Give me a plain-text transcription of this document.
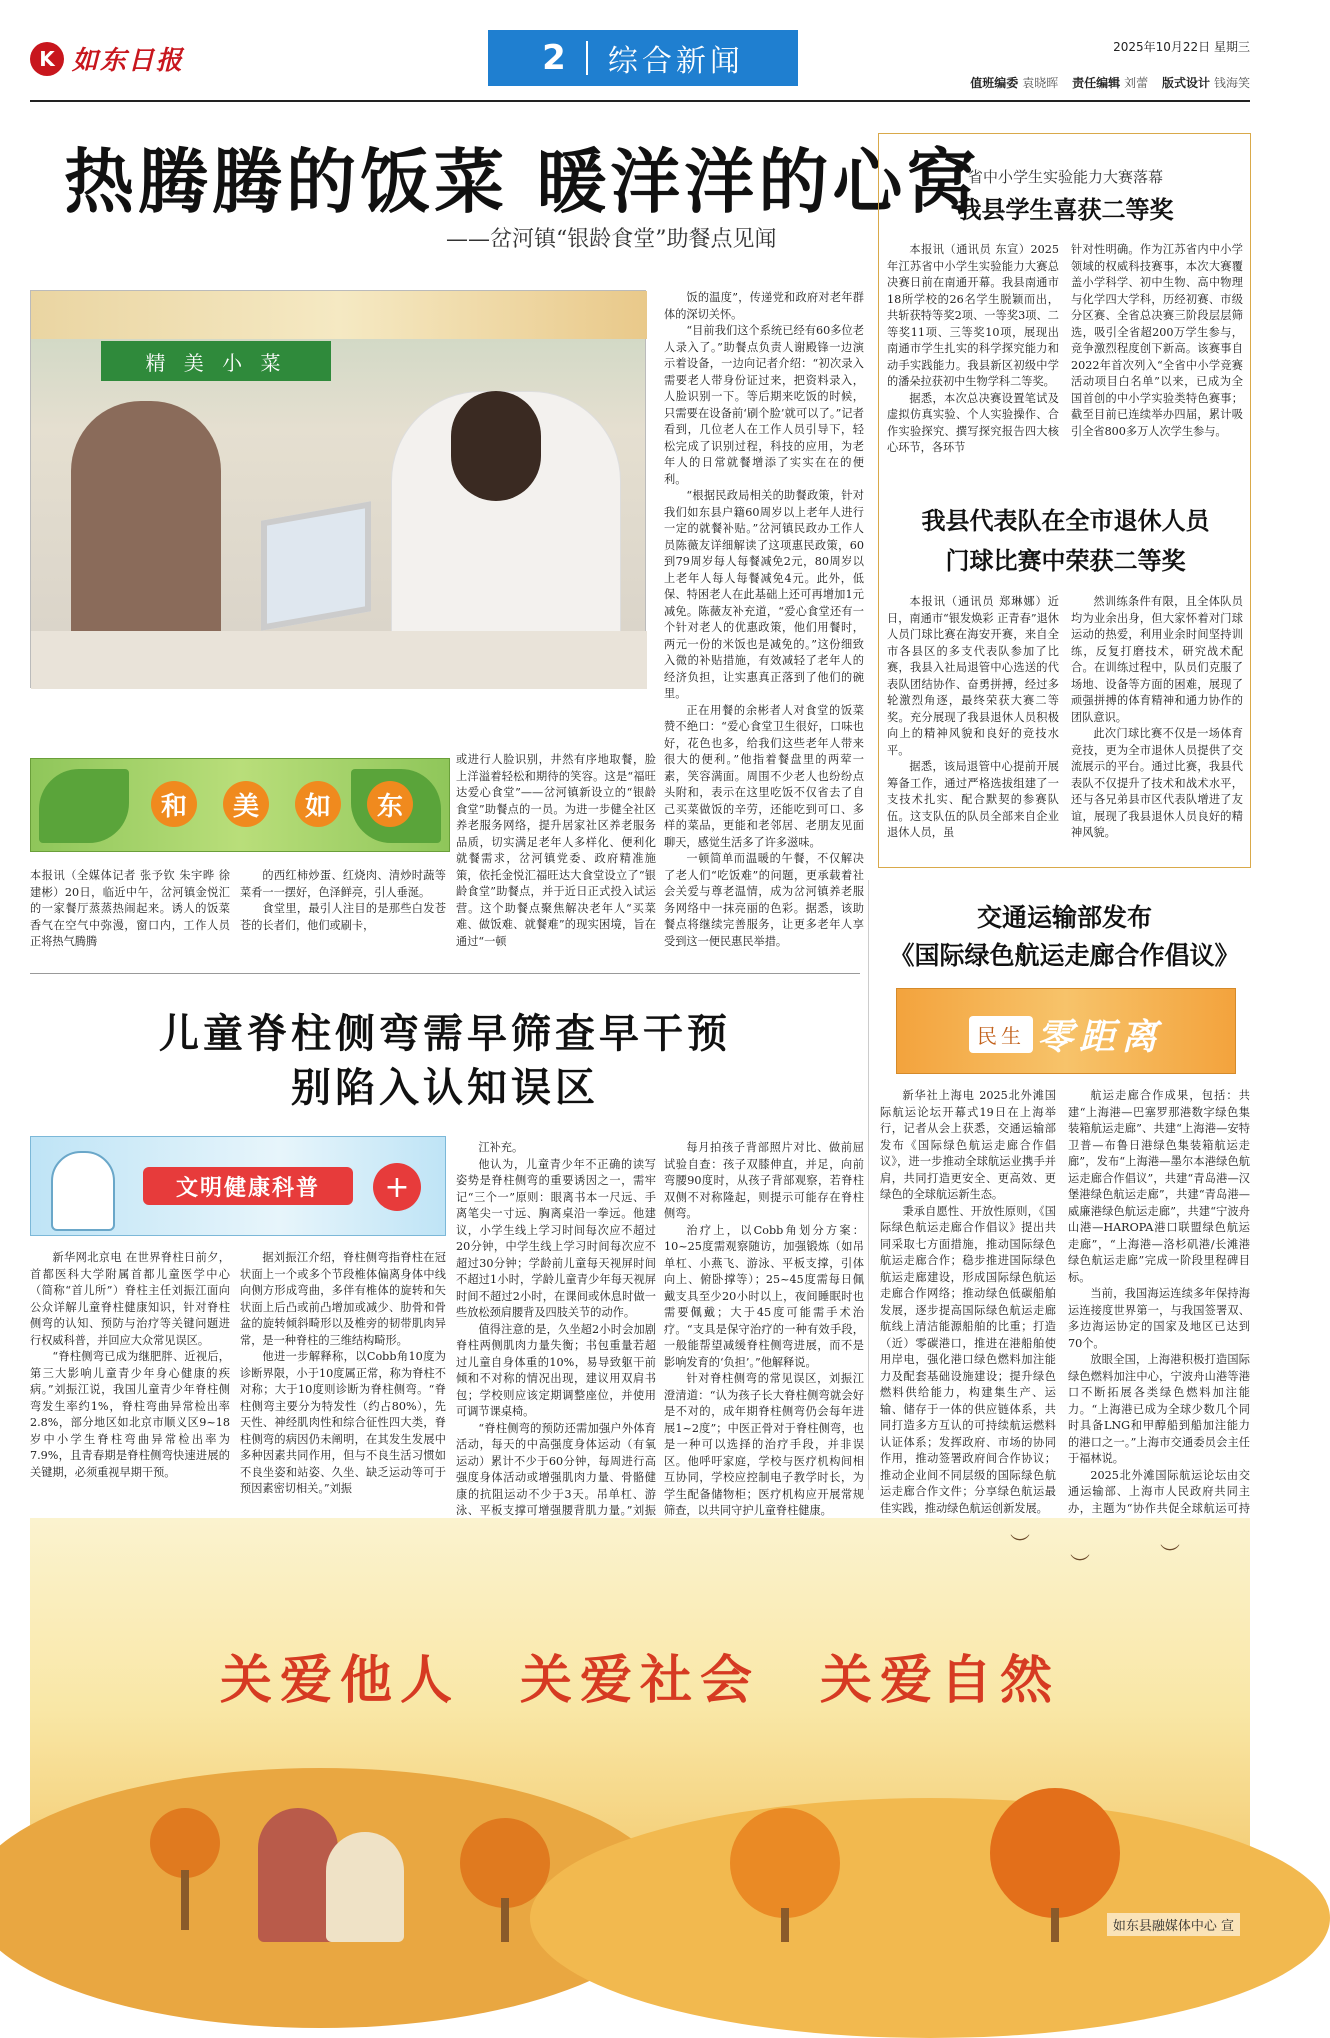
K 如东日报	2 综合新闻	2025年10月22日 星期三
值班编委 袁晓晖 责任编辑 刘蕾 版式设计 钱海笑
热腾腾的饭菜 暖洋洋的心窝
——岔河镇“银龄食堂”助餐点见闻
精 美 小 菜

饭的温度”，传递党和政府对老年群体的深切关怀。

“目前我们这个系统已经有60多位老人录入了。”助餐点负责人谢殿锋一边演示着设备，一边向记者介绍：“初次录入需要老人带身份证过来，把资料录入，人脸识别一下。等后期来吃饭的时候，只需要在设备前‘刷个脸’就可以了。”记者看到，几位老人在工作人员引导下，轻松完成了识别过程，科技的应用，为老年人的日常就餐增添了实实在在的便利。

“根据民政局相关的助餐政策，针对我们如东县户籍60周岁以上老年人进行一定的就餐补贴。”岔河镇民政办工作人员陈薇友详细解读了这项惠民政策，60到79周岁每人每餐减免2元，80周岁以上老年人每人每餐减免4元。此外，低保、特困老人在此基础上还可再增加1元减免。陈薇友补充道，“爱心食堂还有一个针对老人的优惠政策，他们用餐时，两元一份的米饭也是减免的。”这份细致入微的补贴措施，有效减轻了老年人的经济负担，让实惠真正落到了他们的碗里。

正在用餐的余彬者人对食堂的饭菜赞不绝口：“爱心食堂卫生很好，口味也好，花色也多，给我们这些老年人带来很大的便利。”他指着餐盘里的两荤一素，笑容满面。周围不少老人也纷纷点头附和，表示在这里吃饭不仅省去了自己买菜做饭的辛劳，还能吃到可口、多样的菜品，更能和老邻居、老朋友见面聊天，感觉生活多了许多滋味。

一顿简单而温暖的午餐，不仅解决了老人们“吃饭难”的问题，更承载着社会关爱与尊老温情，成为岔河镇养老服务网络中一抹亮丽的色彩。据悉，该助餐点将继续完善服务，让更多老年人享受到这一便民惠民举措。

和	美	如	东
本报讯（全媒体记者 张予钦 朱宇晔 徐建彬）20日，临近中午，岔河镇金悦汇的一家餐厅蒸蒸热闹起来。诱人的饭菜香气在空气中弥漫，窗口内，工作人员正将热气腾腾

的西红柿炒蛋、红烧肉、清炒时蔬等菜肴一一摆好，色泽鲜亮，引人垂涎。

食堂里，最引人注目的是那些白发苍苍的长者们，他们或刷卡，

或进行人脸识别，井然有序地取餐，脸上洋溢着轻松和期待的笑容。这是“福旺达爱心食堂”——岔河镇新设立的“银龄食堂”助餐点的一员。为进一步健全社区养老服务网络，提升居家社区养老服务品质，切实满足老年人多样化、便利化就餐需求，岔河镇党委、政府精准施策，依托金悦汇福旺达大食堂设立了“银龄食堂”助餐点，并于近日正式投入试运营。这个助餐点聚焦解决老年人“买菜难、做饭难、就餐难”的现实困境，旨在通过“一顿
省中小学生实验能力大赛落幕
我县学生喜获二等奖

本报讯（通讯员 东宣）2025年江苏省中小学生实验能力大赛总决赛日前在南通开幕。我县南通市18所学校的26名学生脱颖而出，共斩获特等奖2项、一等奖3项、二等奖11项、三等奖10项，展现出南通市学生扎实的科学探究能力和动手实践能力。我县新区初级中学的潘朵拉获初中生物学科二等奖。

据悉，本次总决赛设置笔试及虚拟仿真实验、个人实验操作、合作实验探究、撰写探究报告四大核心环节，各环节

针对性明确。作为江苏省内中小学领域的权威科技赛事，本次大赛覆盖小学科学、初中生物、高中物理与化学四大学科，历经初赛、市级分区赛、全省总决赛三阶段层层筛选，吸引全省超200万学生参与，竞争激烈程度创下新高。该赛事自2022年首次列入“全省中小学竞赛活动项目白名单”以来，已成为全国首创的中小学实验类特色赛事；截至目前已连续举办四届，累计吸引全省800多万人次学生参与。
我县代表队在全市退休人员
门球比赛中荣获二等奖

本报讯（通讯员 郑琳娜）近日，南通市“银发焕彩 正青春”退休人员门球比赛在海安开赛，来自全市各县区的多支代表队参加了比赛，我县入社局退管中心选送的代表队团结协作、奋勇拼搏，经过多轮激烈角逐，最终荣获大赛二等奖。充分展现了我县退休人员积极向上的精神风貌和良好的竞技水平。

据悉，该局退管中心提前开展筹备工作，通过严格选拔组建了一支技术扎实、配合默契的参赛队伍。这支队伍的队员全部来自企业退休人员，虽

然训练条件有限，且全体队员均为业余出身，但大家怀着对门球运动的热爱，利用业余时间坚持训练，反复打磨技术，研究战术配合。在训练过程中，队员们克服了场地、设备等方面的困难，展现了顽强拼搏的体育精神和通力协作的团队意识。

此次门球比赛不仅是一场体育竞技，更为全市退休人员提供了交流展示的平台。通过比赛，我县代表队不仅提升了技术和战术水平，还与各兄弟县市区代表队增进了友谊，展现了我县退休人员良好的精神风貌。

儿童脊柱侧弯需早筛查早干预
别陷入认知误区
文明健康科普	+

新华网北京电 在世界脊柱日前夕，首都医科大学附属首都儿童医学中心（简称“首儿所”）脊柱主任刘振江面向公众详解儿童脊柱健康知识，针对脊柱侧弯的认知、预防与治疗等关键问题进行权威科普，并回应大众常见误区。

“脊柱侧弯已成为继肥胖、近视后，第三大影响儿童青少年身心健康的疾病。”刘振江说，我国儿童青少年脊柱侧弯发生率约1%，脊柱弯曲异常检出率2.8%，部分地区如北京市顺义区9~18岁中小学生脊柱弯曲异常检出率为7.9%，且青春期是脊柱侧弯快速进展的关键期，必须重视早期干预。

据刘振江介绍，脊柱侧弯指脊柱在冠状面上一个或多个节段椎体偏离身体中线向侧方形成弯曲，多伴有椎体的旋转和矢状面上后凸或前凸增加或减少、肋骨和骨盆的旋转倾斜畸形以及椎旁的韧带肌肉异常，是一种脊柱的三维结构畸形。

他进一步解释称，以Cobb角10度为诊断界限，小于10度属正常，称为脊柱不对称；大于10度则诊断为脊柱侧弯。“脊柱侧弯主要分为特发性（约占80%），先天性、神经肌肉性和综合征性四大类，脊柱侧弯的病因仍未阐明，在其发生发展中多种因素共同作用，但与不良生活习惯如不良坐姿和站姿、久坐、缺乏运动等可于预因素密切相关。”刘振

江补充。

他认为，儿童青少年不正确的读写姿势是脊柱侧弯的重要诱因之一，需牢记“三个一”原则：眼离书本一尺远、手离笔尖一寸远、胸离桌沿一拳远。他建议，小学生线上学习时间每次应不超过20分钟，中学生线上学习时间每次应不超过30分钟；学龄前儿童每天视屏时间不超过1小时，学龄儿童青少年每天视屏时间不超过2小时，在课间或休息时做一些放松颈肩腰背及四肢关节的动作。

值得注意的是，久坐超2小时会加剧脊柱两侧肌肉力量失衡；书包重量若超过儿童自身体重的10%，易导致躯干前倾和不对称的情况出现，建议用双肩书包；学校则应该定期调整座位，并使用可调节课桌椅。

“脊柱侧弯的预防还需加强户外体育活动，每天的中高强度身体运动（有氧运动）累计不少于60分钟，每周进行高强度身体活动或增强肌肉力量、骨骼健康的抗阻运动不少于3天。吊单杠、游泳、平板支撑可增强腰背肌力量。”刘振

每月拍孩子背部照片对比、做前屈试验自查：孩子双膝伸直，并足，向前弯腰90度时，从孩子背部观察，若脊柱双侧不对称隆起，则提示可能存在脊柱侧弯。

治疗上，以Cobb角划分方案：10~25度需观察随访，加强锻炼（如吊单杠、小燕飞、游泳、平板支撑，引体向上、俯卧撑等）；25~45度需每日佩戴支具至少20小时以上，夜间睡眠时也需要佩戴；大于45度可能需手术治疗。“支具是保守治疗的一种有效手段，一般能帮望减缓脊柱侧弯进展，而不是影响发育的‘负担’。”他解释说。

针对脊柱侧弯的常见误区，刘振江澄清道：“认为孩子长大脊柱侧弯就会好是不对的，成年期脊柱侧弯仍会每年进展1~2度”；中医正骨对于脊柱侧弯，也是一种可以选择的治疗手段，并非误区。他呼吁家庭，学校与医疗机构间相互协同，学校应控制电子教学时长，为学生配备储物柜；医疗机构应开展常规筛查，以共同守护儿童脊柱健康。

交通运输部发布
《国际绿色航运走廊合作倡议》
民生 零距离

新华社上海电 2025北外滩国际航运论坛开幕式19日在上海举行，记者从会上获悉，交通运输部发布《国际绿色航运走廊合作倡议》，进一步推动全球航运业携手并肩，共同打造更安全、更高效、更绿色的全球航运新生态。

秉承自愿性、开放性原则，《国际绿色航运走廊合作倡议》提出共同采取七方面措施，推动国际绿色航运走廊合作；稳步推进国际绿色航运走廊建设，形成国际绿色航运走廊合作网络；推动绿色低碳船舶发展，逐步提高国际绿色航运走廊航线上清洁能源船舶的比重；打造（近）零碳港口，推进在港船舶使用岸电，强化港口绿色燃料加注能力及配套基础设施建设；提升绿色燃料供给能力，构建集生产、运输、储存于一体的供应链体系，共同打造多方互认的可持续航运燃料认证体系；发挥政府、市场的协同作用，推动签署政府间合作协议；推动企业间不同层级的国际绿色航运走廊合作文件；分享绿色航运最佳实践，推动绿色航运创新发展。

航运走廊合作成果，包括：共建“上海港—巴塞罗那港数字绿色集装箱航运走廊”、共建“上海港—安特卫普—布鲁日港绿色集装箱航运走廊”，发布“上海港—墨尔本港绿色航运走廊合作倡议”，共建“青岛港—汉堡港绿色航运走廊”，共建“青岛港—威廉港绿色航运走廊”，共建“宁波舟山港—HAROPA港口联盟绿色航运走廊”，“上海港—洛杉矶港/长滩港绿色航运走廊”完成一阶段里程碑目标。

当前，我国海运连续多年保持海运连接度世界第一，与我国签署双、多边海运协定的国家及地区已达到70个。

放眼全国，上海港积极打造国际绿色燃料加注中心，宁波舟山港等港口不断拓展各类绿色燃料加注能力。“上海港已成为全球少数几个同时具备LNG和甲醇船到船加注能力的港口之一。”上海市交通委员会主任于福林说。

2025北外滩国际航运论坛由交通运输部、上海市人民政府共同主办，主题为“协作共促全球航运可持

︶
︶	︶
关爱他人 关爱社会 关爱自然
如东县融媒体中心 宣
